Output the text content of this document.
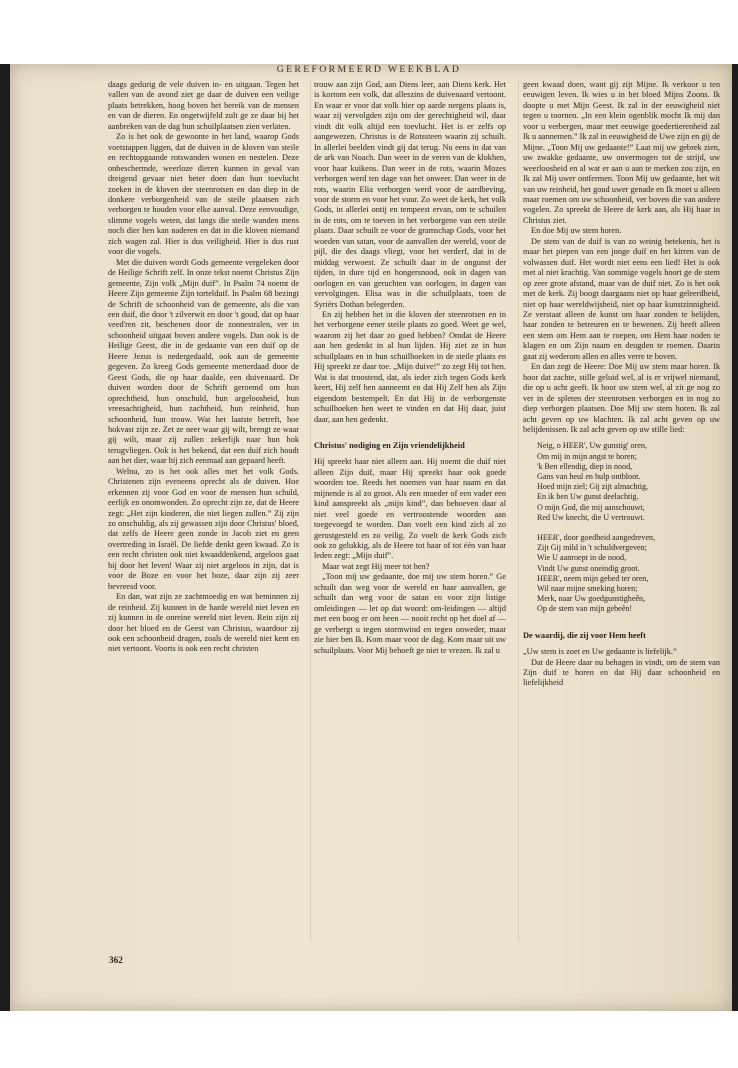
GEREFORMEERD WEEKBLAD

daags gedurig de vele duiven in- en uitgaan. Tegen het vallen van de avond ziet ge daar de duiven een veilige plaats betrekken, hoog boven het bereik van de mensen en van de dieren. En ongetwijfeld zult ge ze daar bij het aanbreken van de dag hun schuilplaatsen zien verlaten.

Zo is het ook de gewoonte in het land, waarop Gods voetstappen liggen, dat de duiven in de kloven van steile en rechtopgaande rotswanden wonen en nestelen. Deze onbeschermde, weerloze dieren kunnen in geval van dreigend gevaar niet beter doen dan hun toevlucht zoeken in de kloven der steenrotsen en dan diep in de donkere verborgenheid van de steile plaatsen zich verborgen te houden voor elke aanval. Deze eenvoudige, slimme vogels weten, dat langs die steile wanden mens noch dier hen kan naderen en dat in die kloven niemand zich wagen zal. Hier is dus veiligheid. Hier is dus rust voor die vogels.

Met die duiven wordt Gods gemeente vergeleken door de Heilige Schrift zelf. In onze tekst noemt Christus Zijn gemeente, Zijn volk „Mijn duif”. In Psalm 74 noemt de Heere Zijn gemeente Zijn tortelduif. In Psalm 68 bezingt de Schrift de schoonheid van de gemeente, als die van een duif, die door 't zilverwit en door 't goud, dat op haar veed'ren zit, beschenen door de zonnestralen, ver in schoonheid uitgaat boven andere vogels. Dan ook is de Heilige Geest, die in de gedaante van een duif op de Heere Jezus is nedergedaald, ook aan de gemeente gegeven. Zo kreeg Gods gemeente metterdaad door de Geest Gods, die op haar daalde, een duivenaard. De duiven worden door de Schrift geroemd om hun oprechtheid, hun onschuld, hun argeloosheid, hun vreesachtigheid, hun zachtheid, hun reinheid, hun schoonheid, hun trouw. Wat het laatste betreft, hoe hokvast zijn ze. Zet ze neer waar gij wilt, brengt ze waar gij wilt, maar zij zullen zekerlijk naar hun hok terugvliegen. Ook is het bekend, dat een duif zich houdt aan het dier, waar hij zich eenmaal aan gepaard heeft.

Welnu, zo is het ook alles met het volk Gods. Christenen zijn eveneens oprecht als de duiven. Hoe erkennen zij voor God en voor de mensen hun schuld, eerlijk en onomwonden. Zo oprecht zijn ze, dat de Heere zegt: „Het zijn kinderen, die niet liegen zullen.” Zij zijn zo onschuldig, als zij gewassen zijn door Christus' bloed, dat zelfs de Heere geen zonde in Jacob ziet en geen overtreding in Israël. De liefde denkt geen kwaad. Zo is een recht christen ook niet kwaaddenkend, argeloos gaat hij door het leven! Waar zij niet argeloos in zijn, dat is voor de Boze en voor het boze, daar zijn zij zeer bevreesd voor.

En dan, wat zijn ze zachtmoedig en wat beminnen zij de reinheid. Zij kunnen in de harde wereld niet leven en zij kunnen in de onreine wereld niet leven. Rein zijn zij door het bloed en de Geest van Christus, waardoor zij ook een schoonheid dragen, zoals de wereld niet kent en niet vertoont. Voorts is ook een recht christen

trouw aan zijn God, aan Diens leer, aan Diens kerk. Het is kortom een volk, dat alleszins de duivenaard vertoont. En waar er voor dat volk hier op aarde nergens plaats is, waar zij vervolgden zijn om der gerechtigheid wil, daar vindt dit volk altijd een toevlucht. Het is er zelfs op aangewezen. Christus is de Rotssteen waarin zij schuilt. In allerlei beelden vindt gij dat terug. Nu eens in dat van de ark van Noach. Dan weer in de veren van de klokhen, voor haar kuikens. Dan weer in de rots, waarin Mozes verborgen werd ten dage van het onweer. Dan weer in de rots, waarin Elia verborgen werd voor de aardbeving, voor de storm en voor het vuur. Zo weet de kerk, het volk Gods, in allerlei ontij en tempeest ervan, om te schuilen in de rots, om te toeven in het verborgene van een steile plaats. Daar schuilt ze voor de gramschap Gods, voor het woeden van satan, voor de aanvallen der wereld, voor de pijl, die des daags vliegt, voor het verderf, dat in de middag verwoest. Ze schuilt daar in de ongunst der tijden, in dure tijd en hongersnood, ook in dagen van oorlogen en van geruchten van oorlogen, in dagen van vervolgingen. Elisa was in die schuilplaats, toen de Syriërs Dothan belegerden.

En zij hebben het in die kloven der steenrotsen en in het verborgene eener steile plaats zo goed. Weet ge wel, waarom zij het daar zo goed hebben? Omdat de Heere aan hen gedenkt in al hun lijden. Hij ziet ze in hun schuilplaats en in hun schuilhoeken in de steile plaats en Hij spreekt ze daar toe. „Mijn duive!” zo zegt Hij tot hen. Wat is dat troostend, dat, als ieder zich tegen Gods kerk keert, Hij zelf hen aanneemt en dat Hij Zelf hen als Zijn eigendom bestempelt. En dat Hij in de verborgenste schuilhoeken hen weet te vinden en dat Hij daar, juist daar, aan hen gedenkt.

Christus' nodiging en Zijn vriendelijkheid

Hij spreekt haar niet alleen aan. Hij noemt die duif niet alleen Zijn duif, maar Hij spreekt haar ook goede woorden toe. Reeds het noemen van haar naam en dat mijnende is al zo groot. Als een moeder of een vader een kind aanspreekt als „mijn kind”, dan behoeven daar al niet veel goede en vertroostende woorden aan toegevoegd te worden. Dan voelt een kind zich al zo gerustgesteld en zo veilig. Zo voelt de kerk Gods zich ook zo gelukkig, als de Heere tot haar of tot één van haar leden zegt: „Mijn duif”.

Maar wat zegt Hij meer tot hen?

„Toon mij uw gedaante, doe mij uw stem horen.” Ge schuilt dan weg voor de wereld en haar aanvallen, ge schuilt dan weg voor de satan en voor zijn listige omleidingen — let op dat woord: om-leidingen — altijd met een boog er om heen — nooit recht op het doel af — ge verbergt u tegen stormwind en tegen onweder, maar zie hier ben Ik. Kom maar voor de dag. Kom maar uit uw schuilplaats. Voor Mij behoeft ge niet te vrezen. Ik zal u

geen kwaad doen, want gij zijt Mijne. Ik verkoor u ten eeuwigen leven. Ik wies u in het bloed Mijns Zoons. Ik doopte u met Mijn Geest. Ik zal in der eeuwigheid niet tegen u toornen. „In een klein ogenblik mocht Ik mij dan voor u verbergen, maar met eeuwige goedertierenheid zal Ik u aannemen.” Ik zal in eeuwigheid de Uwe zijn en gij de Mijne. „Toon Mij uw gedaante!” Laat mij uw gebrek zien, uw zwakke gedaante, uw onvermogen tot de strijd, uw weerloosheid en al wat er aan u aan te merken zou zijn, en Ik zal Mij uwer ontfermen. Toon Mij uw gedaante, het wit van uw reinheid, het goud uwer genade en Ik moet u alleen maar roemen om uw schoonheid, ver boven die van andere vogelen. Zo spreekt de Heere de kerk aan, als Hij haar in Christus ziet.

En doe Mij uw stem horen.

De stem van de duif is van zo weinig betekenis, het is maar het piepen van een jonge duif en het kirren van de volwassen duif. Het wordt niet eens een lied! Het is ook met al niet krachtig. Van sommige vogels hoort ge de stem op zeer grote afstand, maar van de duif niet. Zo is het ook met de kerk. Zij boogt daargaans niet op haar geleerdheid, niet op haar wereldwijsheid, niet op haar kunstzinnigheid. Ze verstaat alleen de kunst om haar zonden te belijden, haar zonden te betreuren en te bewenen. Zij heeft alleen een stem om Hem aan te roepen, om Hem haar noden te klagen en om Zijn naam en deugden te roemen. Daarin gaat zij wederom allen en alles verre te boven.

En dan zegt de Heere: Doe Mij uw stem maar horen. Ik hoor dat zachte, stille geluid wel, al is er vrijwel niemand, die op u acht geeft. Ik hoor uw stem wel, al zit ge nog zo ver in de spleten der steenrotsen verborgen en in nog zo diep verborgen plaatsen. Doe Mij uw stem horen. Ik zal acht geven op uw klachten. Ik zal acht geven op uw belijdenissen. Ik zal acht geven op uw stille lied:

Neig, o HEER', Uw gunstig' oren,
Om mij in mijn angst te horen;
'k Ben ellendig, diep in nood,
Gans van heul en hulp ontbloot.
Hoed mijn ziel; Gij zijt almachtig,
En ik ben Uw gunst deelachtig.
O mijn God, die mij aanschouwt,
Red Uw knecht, die U vertrouwt.
HEER', door goedheid aangedreven,
Zijt Gij mild in 't schuldvergeven;
Wie U aanroept in de nood,
Vindt Uw gunst oneindig groot.
HEER', neem mijn gebed ter oren,
Wil naar mijne smeking horen;
Merk, naar Uw goedgunstigheên,
Op de stem van mijn gebeên!
De waardij, die zij voor Hem heeft

„Uw stem is zoet en Uw gedaante is liefelijk.”

Dat de Heere daar nu behagen in vindt, om de stem van Zijn duif te horen en dat Hij daar schoonheid en liefelijkheid

362
